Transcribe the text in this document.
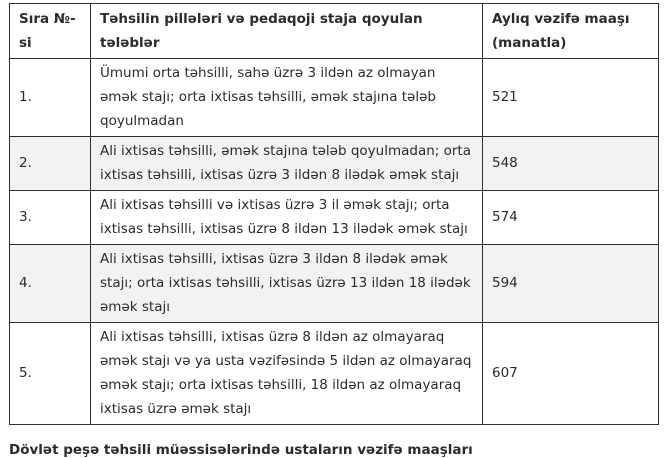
Sıra №-si	Təhsilin pillələri və pedaqoji staja qoyulan tələblər	Aylıq vəzifə maaşı (manatla)
1.	Ümumi orta təhsilli, sahə üzrə 3 ildən az olmayan əmək stajı; orta ixtisas təhsilli, əmək stajına tələb qoyulmadan	521
2.	Ali ixtisas təhsilli, əmək stajına tələb qoyulmadan; orta ixtisas təhsilli, ixtisas üzrə 3 ildən 8 ilədək əmək stajı	548
3.	Ali ixtisas təhsilli və ixtisas üzrə 3 il əmək stajı; orta ixtisas təhsilli, ixtisas üzrə 8 ildən 13 ilədək əmək stajı	574
4.	Ali ixtisas təhsilli, ixtisas üzrə 3 ildən 8 ilədək əmək stajı; orta ixtisas təhsilli, ixtisas üzrə 13 ildən 18 ilədək əmək stajı	594
5.	Ali ixtisas təhsilli, ixtisas üzrə 8 ildən az olmayaraq əmək stajı və ya usta vəzifəsində 5 ildən az olmayaraq əmək stajı; orta ixtisas təhsilli, 18 ildən az olmayaraq ixtisas üzrə əmək stajı	607
Dövlət peşə təhsili müəssisələrində ustaların vəzifə maaşları
